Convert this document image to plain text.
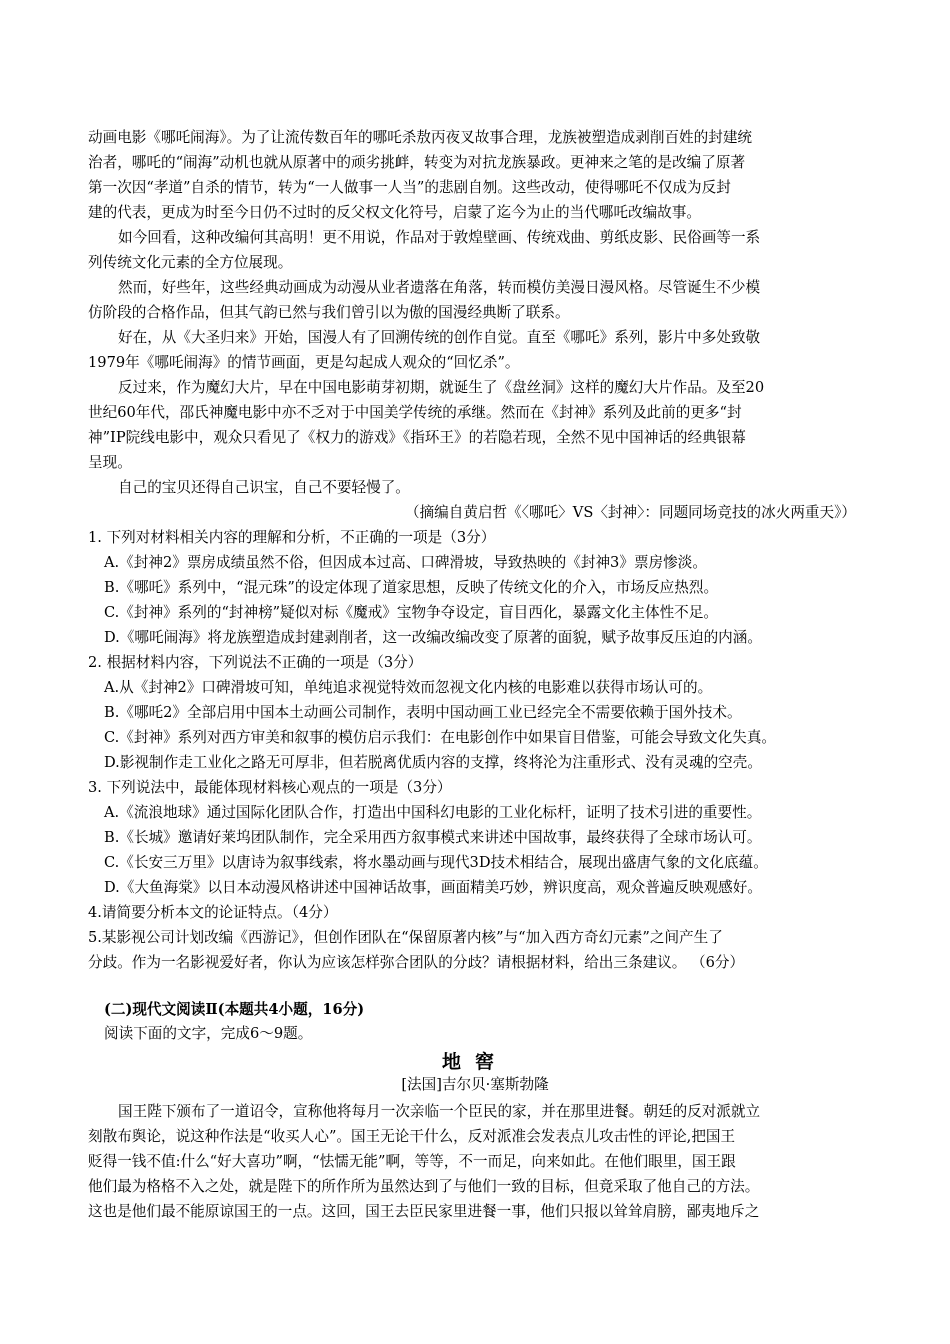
动画电影《哪吒闹海》。为了让流传数百年的哪吒杀敖丙夜叉故事合理，龙族被塑造成剥削百姓的封建统
治者，哪吒的“闹海”动机也就从原著中的顽劣挑衅，转变为对抗龙族暴政。更神来之笔的是改编了原著
第一次因“孝道”自杀的情节，转为“一人做事一人当”的悲剧自刎。这些改动，使得哪吒不仅成为反封
建的代表，更成为时至今日仍不过时的反父权文化符号，启蒙了迄今为止的当代哪吒改编故事。
如今回看，这种改编何其高明！更不用说，作品对于敦煌壁画、传统戏曲、剪纸皮影、民俗画等一系
列传统文化元素的全方位展现。
然而，好些年，这些经典动画成为动漫从业者遗落在角落，转而模仿美漫日漫风格。尽管诞生不少模
仿阶段的合格作品，但其气韵已然与我们曾引以为傲的国漫经典断了联系。
好在，从《大圣归来》开始，国漫人有了回溯传统的创作自觉。直至《哪吒》系列，影片中多处致敬
1979年《哪吒闹海》的情节画面，更是勾起成人观众的“回忆杀”。
反过来，作为魔幻大片，早在中国电影萌芽初期，就诞生了《盘丝洞》这样的魔幻大片作品。及至20
世纪60年代，邵氏神魔电影中亦不乏对于中国美学传统的承继。然而在《封神》系列及此前的更多“封
神”IP院线电影中，观众只看见了《权力的游戏》《指环王》的若隐若现，全然不见中国神话的经典银幕
呈现。
自己的宝贝还得自己识宝，自己不要轻慢了。
（摘编自黄启哲《〈哪吒〉VS〈封神〉：同题同场竞技的冰火两重天》）
1. 下列对材料相关内容的理解和分析，不正确的一项是（3分）
A.《封神2》票房成绩虽然不俗，但因成本过高、口碑滑坡，导致热映的《封神3》票房惨淡。
B.《哪吒》系列中，“混元珠”的设定体现了道家思想，反映了传统文化的介入，市场反应热烈。
C.《封神》系列的“封神榜”疑似对标《魔戒》宝物争夺设定，盲目西化，暴露文化主体性不足。
D.《哪吒闹海》将龙族塑造成封建剥削者，这一改编改编改变了原著的面貌，赋予故事反压迫的内涵。
2. 根据材料内容，下列说法不正确的一项是（3分）
A.从《封神2》口碑滑坡可知，单纯追求视觉特效而忽视文化内核的电影难以获得市场认可的。
B.《哪吒2》全部启用中国本土动画公司制作，表明中国动画工业已经完全不需要依赖于国外技术。
C.《封神》系列对西方审美和叙事的模仿启示我们：在电影创作中如果盲目借鉴，可能会导致文化失真。
D.影视制作走工业化之路无可厚非，但若脱离优质内容的支撑，终将沦为注重形式、没有灵魂的空壳。
3. 下列说法中，最能体现材料核心观点的一项是（3分）
A.《流浪地球》通过国际化团队合作，打造出中国科幻电影的工业化标杆，证明了技术引进的重要性。
B.《长城》邀请好莱坞团队制作，完全采用西方叙事模式来讲述中国故事，最终获得了全球市场认可。
C.《长安三万里》以唐诗为叙事线索，将水墨动画与现代3D技术相结合，展现出盛唐气象的文化底蕴。
D.《大鱼海棠》以日本动漫风格讲述中国神话故事，画面精美巧妙，辨识度高，观众普遍反映观感好。
4.请简要分析本文的论证特点。（4分）
5.某影视公司计划改编《西游记》，但创作团队在“保留原著内核”与“加入西方奇幻元素”之间产生了
分歧。作为一名影视爱好者，你认为应该怎样弥合团队的分歧？请根据材料，给出三条建议。 （6分）
(二)现代文阅读Ⅱ(本题共4小题，16分)
阅读下面的文字，完成6～9题。
地窖
[法国]吉尔贝·塞斯勃隆
国王陛下颁布了一道诏令，宣称他将每月一次亲临一个臣民的家，并在那里进餐。朝廷的反对派就立
刻散布舆论，说这种作法是“收买人心”。国王无论干什么，反对派准会发表点儿攻击性的评论,把国王
贬得一钱不值:什么“好大喜功”啊，“怯懦无能”啊，等等，不一而足，向来如此。在他们眼里，国王跟
他们最为格格不入之处，就是陛下的所作所为虽然达到了与他们一致的目标，但竟采取了他自己的方法。
这也是他们最不能原谅国王的一点。这回，国王去臣民家里进餐一事，他们只报以耸耸肩膀，鄙夷地斥之
